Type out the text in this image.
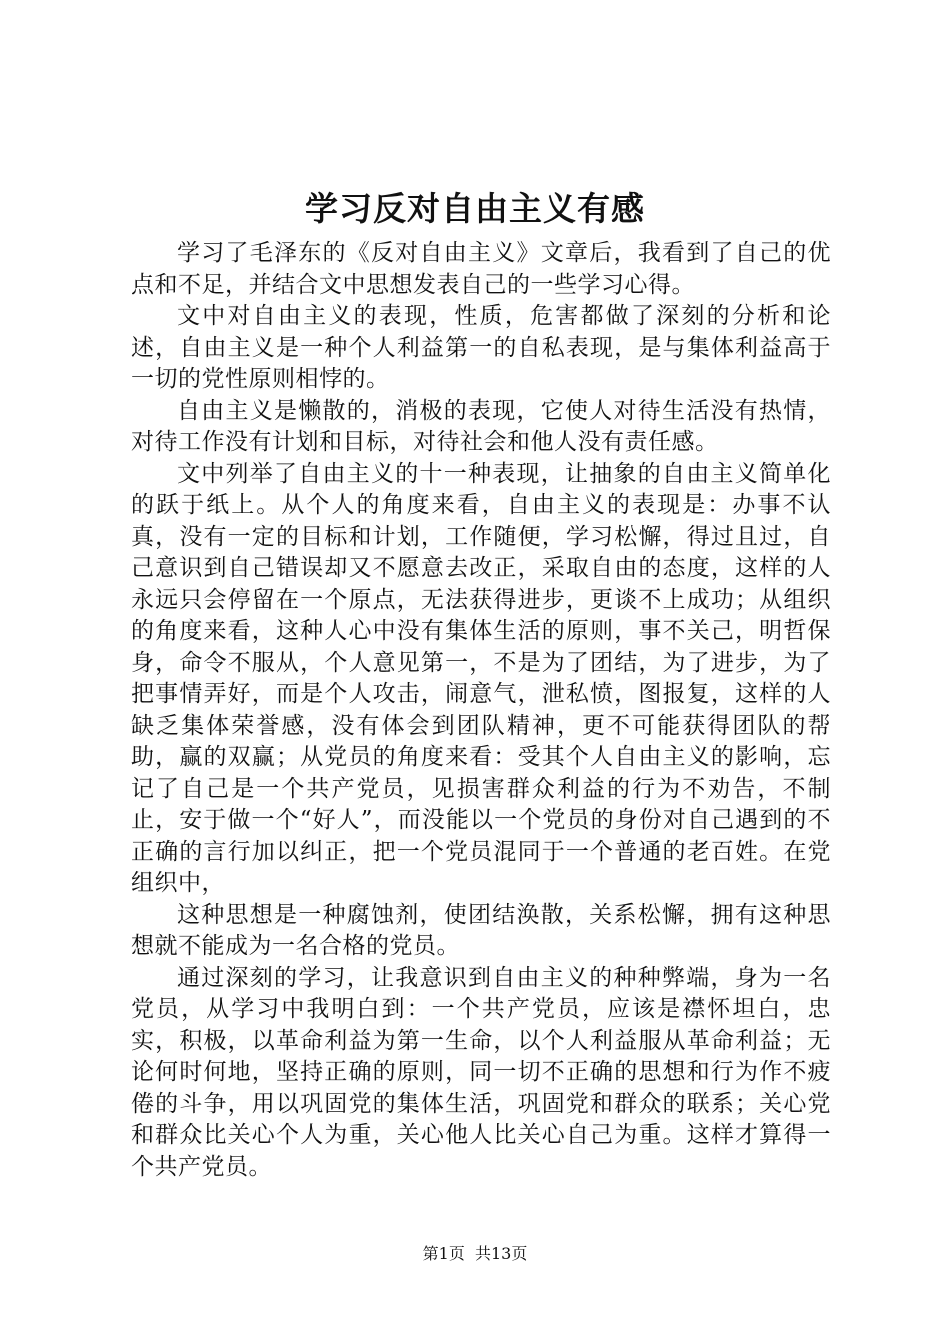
学习反对自由主义有感

学习了毛泽东的《反对自由主义》文章后，我看到了自己的优点和不足，并结合文中思想发表自己的一些学习心得。

文中对自由主义的表现，性质，危害都做了深刻的分析和论述，自由主义是一种个人利益第一的自私表现，是与集体利益高于一切的党性原则相悖的。

自由主义是懒散的，消极的表现，它使人对待生活没有热情，对待工作没有计划和目标，对待社会和他人没有责任感。

文中列举了自由主义的十一种表现，让抽象的自由主义简单化的跃于纸上。从个人的角度来看，自由主义的表现是：办事不认真，没有一定的目标和计划，工作随便，学习松懈，得过且过，自己意识到自己错误却又不愿意去改正，采取自由的态度，这样的人永远只会停留在一个原点，无法获得进步，更谈不上成功；从组织的角度来看，这种人心中没有集体生活的原则，事不关己，明哲保身，命令不服从，个人意见第一，不是为了团结，为了进步，为了把事情弄好，而是个人攻击，闹意气，泄私愤，图报复，这样的人缺乏集体荣誉感，没有体会到团队精神，更不可能获得团队的帮助，赢的双赢；从党员的角度来看：受其个人自由主义的影响，忘记了自己是一个共产党员，见损害群众利益的行为不劝告，不制止，安于做一个“好人”，而没能以一个党员的身份对自己遇到的不正确的言行加以纠正，把一个党员混同于一个普通的老百姓。在党组织中，

这种思想是一种腐蚀剂，使团结涣散，关系松懈，拥有这种思想就不能成为一名合格的党员。

通过深刻的学习，让我意识到自由主义的种种弊端，身为一名党员，从学习中我明白到：一个共产党员，应该是襟怀坦白，忠实，积极，以革命利益为第一生命，以个人利益服从革命利益；无论何时何地，坚持正确的原则，同一切不正确的思想和行为作不疲倦的斗争，用以巩固党的集体生活，巩固党和群众的联系；关心党和群众比关心个人为重，关心他人比关心自己为重。这样才算得一个共产党员。

第1页  共13页
